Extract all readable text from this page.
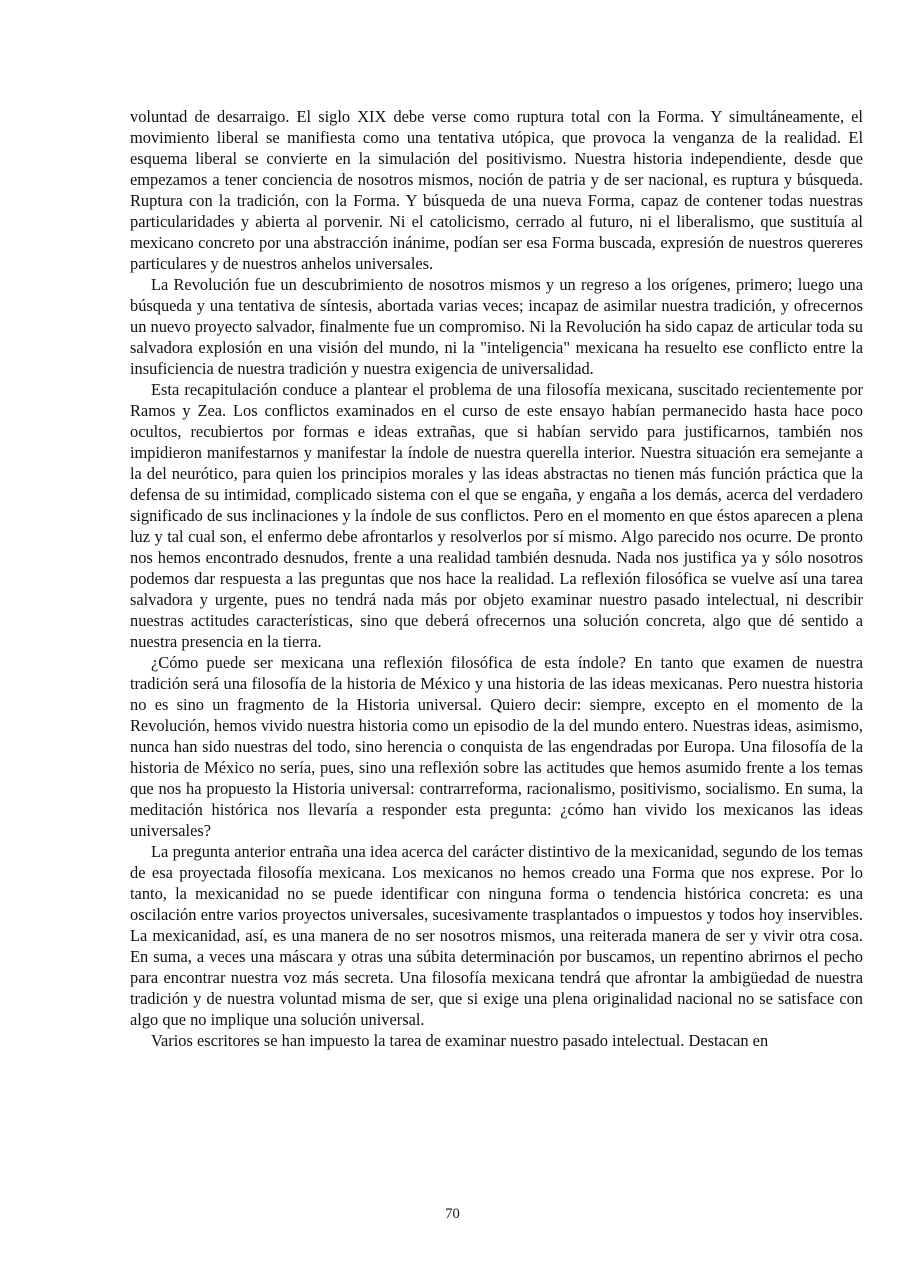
voluntad de desarraigo. El siglo XIX debe verse como ruptura total con la Forma. Y simultáneamente, el movimiento liberal se manifiesta como una tentativa utópica, que provoca la venganza de la realidad. El esquema liberal se convierte en la simulación del positivismo. Nuestra historia independiente, desde que empezamos a tener conciencia de nosotros mismos, noción de patria y de ser nacional, es ruptura y búsqueda. Ruptura con la tradición, con la Forma. Y búsqueda de una nueva Forma, capaz de contener todas nuestras particularidades y abierta al porvenir. Ni el catolicismo, cerrado al futuro, ni el liberalismo, que sustituía al mexicano concreto por una abstracción inánime, podían ser esa Forma buscada, expresión de nuestros quereres particulares y de nuestros anhelos universales.

La Revolución fue un descubrimiento de nosotros mismos y un regreso a los orígenes, primero; luego una búsqueda y una tentativa de síntesis, abortada varias veces; incapaz de asimilar nuestra tradición, y ofrecernos un nuevo proyecto salvador, finalmente fue un compromiso. Ni la Revolución ha sido capaz de articular toda su salvadora explosión en una visión del mundo, ni la "inteligencia" mexicana ha resuelto ese conflicto entre la insuficiencia de nuestra tradición y nuestra exigencia de universalidad.

Esta recapitulación conduce a plantear el problema de una filosofía mexicana, suscitado recientemente por Ramos y Zea. Los conflictos examinados en el curso de este ensayo habían permanecido hasta hace poco ocultos, recubiertos por formas e ideas extrañas, que si habían servido para justificarnos, también nos impidieron manifestarnos y manifestar la índole de nuestra querella interior. Nuestra situación era semejante a la del neurótico, para quien los principios morales y las ideas abstractas no tienen más función práctica que la defensa de su intimidad, complicado sistema con el que se engaña, y engaña a los demás, acerca del verdadero significado de sus inclinaciones y la índole de sus conflictos. Pero en el momento en que éstos aparecen a plena luz y tal cual son, el enfermo debe afrontarlos y resolverlos por sí mismo. Algo parecido nos ocurre. De pronto nos hemos encontrado desnudos, frente a una realidad también desnuda. Nada nos justifica ya y sólo nosotros podemos dar respuesta a las preguntas que nos hace la realidad. La reflexión filosófica se vuelve así una tarea salvadora y urgente, pues no tendrá nada más por objeto examinar nuestro pasado intelectual, ni describir nuestras actitudes características, sino que deberá ofrecernos una solución concreta, algo que dé sentido a nuestra presencia en la tierra.

¿Cómo puede ser mexicana una reflexión filosófica de esta índole? En tanto que examen de nuestra tradición será una filosofía de la historia de México y una historia de las ideas mexicanas. Pero nuestra historia no es sino un fragmento de la Historia universal. Quiero decir: siempre, excepto en el momento de la Revolución, hemos vivido nuestra historia como un episodio de la del mundo entero. Nuestras ideas, asimismo, nunca han sido nuestras del todo, sino herencia o conquista de las engendradas por Europa. Una filosofía de la historia de México no sería, pues, sino una reflexión sobre las actitudes que hemos asumido frente a los temas que nos ha propuesto la Historia universal: contrarreforma, racionalismo, positivismo, socialismo. En suma, la meditación histórica nos llevaría a responder esta pregunta: ¿cómo han vivido los mexicanos las ideas universales?

La pregunta anterior entraña una idea acerca del carácter distintivo de la mexicanidad, segundo de los temas de esa proyectada filosofía mexicana. Los mexicanos no hemos creado una Forma que nos exprese. Por lo tanto, la mexicanidad no se puede identificar con ninguna forma o tendencia histórica concreta: es una oscilación entre varios proyectos universales, sucesivamente trasplantados o impuestos y todos hoy inservibles. La mexicanidad, así, es una manera de no ser nosotros mismos, una reiterada manera de ser y vivir otra cosa. En suma, a veces una máscara y otras una súbita determinación por buscamos, un repentino abrirnos el pecho para encontrar nuestra voz más secreta. Una filosofía mexicana tendrá que afrontar la ambigüedad de nuestra tradición y de nuestra voluntad misma de ser, que si exige una plena originalidad nacional no se satisface con algo que no implique una solución universal.

Varios escritores se han impuesto la tarea de examinar nuestro pasado intelectual. Destacan en

70
